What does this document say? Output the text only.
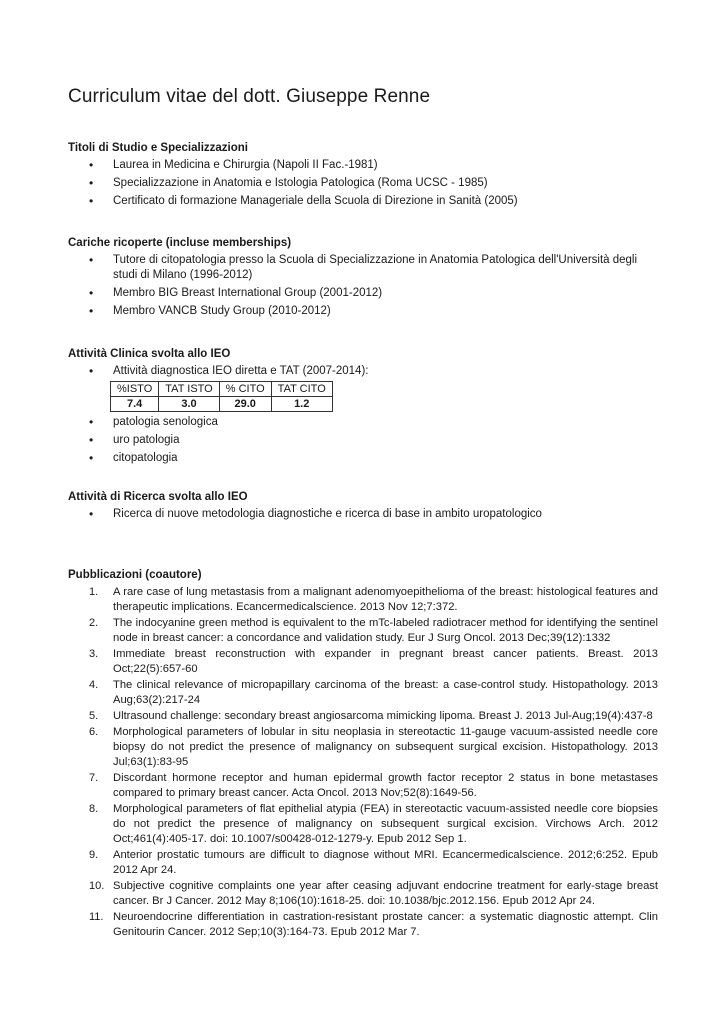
Curriculum vitae del dott. Giuseppe Renne

Titoli di Studio e Specializzazioni

• Laurea in Medicina e Chirurgia (Napoli II Fac.-1981)
• Specializzazione in Anatomia e Istologia Patologica (Roma UCSC - 1985)
• Certificato di formazione Manageriale della Scuola di Direzione in Sanità (2005)

Cariche ricoperte (incluse memberships)

• Tutore di citopatologia presso la Scuola di Specializzazione in Anatomia Patologica dell'Università degli studi di Milano (1996-2012)
• Membro BIG Breast International Group (2001-2012)
• Membro VANCB Study Group (2010-2012)

Attività Clinica svolta allo IEO

• Attività diagnostica IEO diretta e TAT (2007-2014):
%ISTO	TAT ISTO	% CITO	TAT CITO
7.4	3.0	29.0	1.2
• patologia senologica
• uro patologia
• citopatologia

Attività di Ricerca svolta allo IEO

• Ricerca di nuove metodologia diagnostiche e ricerca di base in ambito uropatologico

Pubblicazioni (coautore)

1. A rare case of lung metastasis from a malignant adenomyoepithelioma of the breast: histological features and therapeutic implications. Ecancermedicalscience. 2013 Nov 12;7:372.
2. The indocyanine green method is equivalent to the mTc-labeled radiotracer method for identifying the sentinel node in breast cancer: a concordance and validation study. Eur J Surg Oncol. 2013 Dec;39(12):1332
3. Immediate breast reconstruction with expander in pregnant breast cancer patients. Breast. 2013 Oct;22(5):657-60
4. The clinical relevance of micropapillary carcinoma of the breast: a case-control study. Histopathology. 2013 Aug;63(2):217-24
5. Ultrasound challenge: secondary breast angiosarcoma mimicking lipoma. Breast J. 2013 Jul-Aug;19(4):437-8
6. Morphological parameters of lobular in situ neoplasia in stereotactic 11-gauge vacuum-assisted needle core biopsy do not predict the presence of malignancy on subsequent surgical excision. Histopathology. 2013 Jul;63(1):83-95
7. Discordant hormone receptor and human epidermal growth factor receptor 2 status in bone metastases compared to primary breast cancer. Acta Oncol. 2013 Nov;52(8):1649-56.
8. Morphological parameters of flat epithelial atypia (FEA) in stereotactic vacuum-assisted needle core biopsies do not predict the presence of malignancy on subsequent surgical excision. Virchows Arch. 2012 Oct;461(4):405-17. doi: 10.1007/s00428-012-1279-y. Epub 2012 Sep 1.
9. Anterior prostatic tumours are difficult to diagnose without MRI. Ecancermedicalscience. 2012;6:252. Epub 2012 Apr 24.
10. Subjective cognitive complaints one year after ceasing adjuvant endocrine treatment for early-stage breast cancer. Br J Cancer. 2012 May 8;106(10):1618-25. doi: 10.1038/bjc.2012.156. Epub 2012 Apr 24.
11. Neuroendocrine differentiation in castration-resistant prostate cancer: a systematic diagnostic attempt. Clin Genitourin Cancer. 2012 Sep;10(3):164-73. Epub 2012 Mar 7.
